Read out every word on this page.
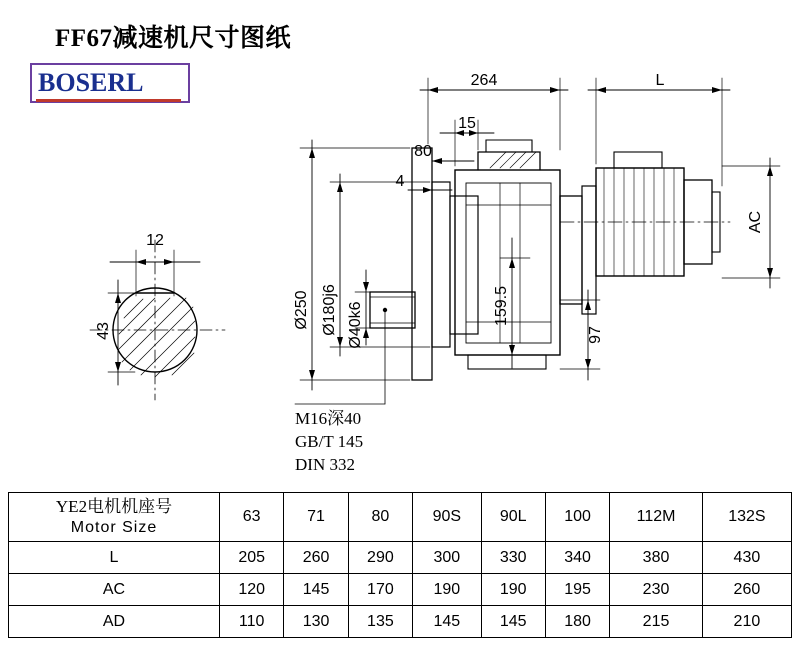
FF67减速机尺寸图纸
BOSERL
12
264	L
15
80
4
43
AC
159.5
97
Ø250 Ø180j6 Ø40k6
M16深40
GB/T 145
DIN 332
YE2电机机座号
Motor Size	63	71	80	90S	90L	100	112M	132S
L	205	260	290	300	330	340	380	430
AC	120	145	170	190	190	195	230	260
AD	110	130	135	145	145	180	215	210
